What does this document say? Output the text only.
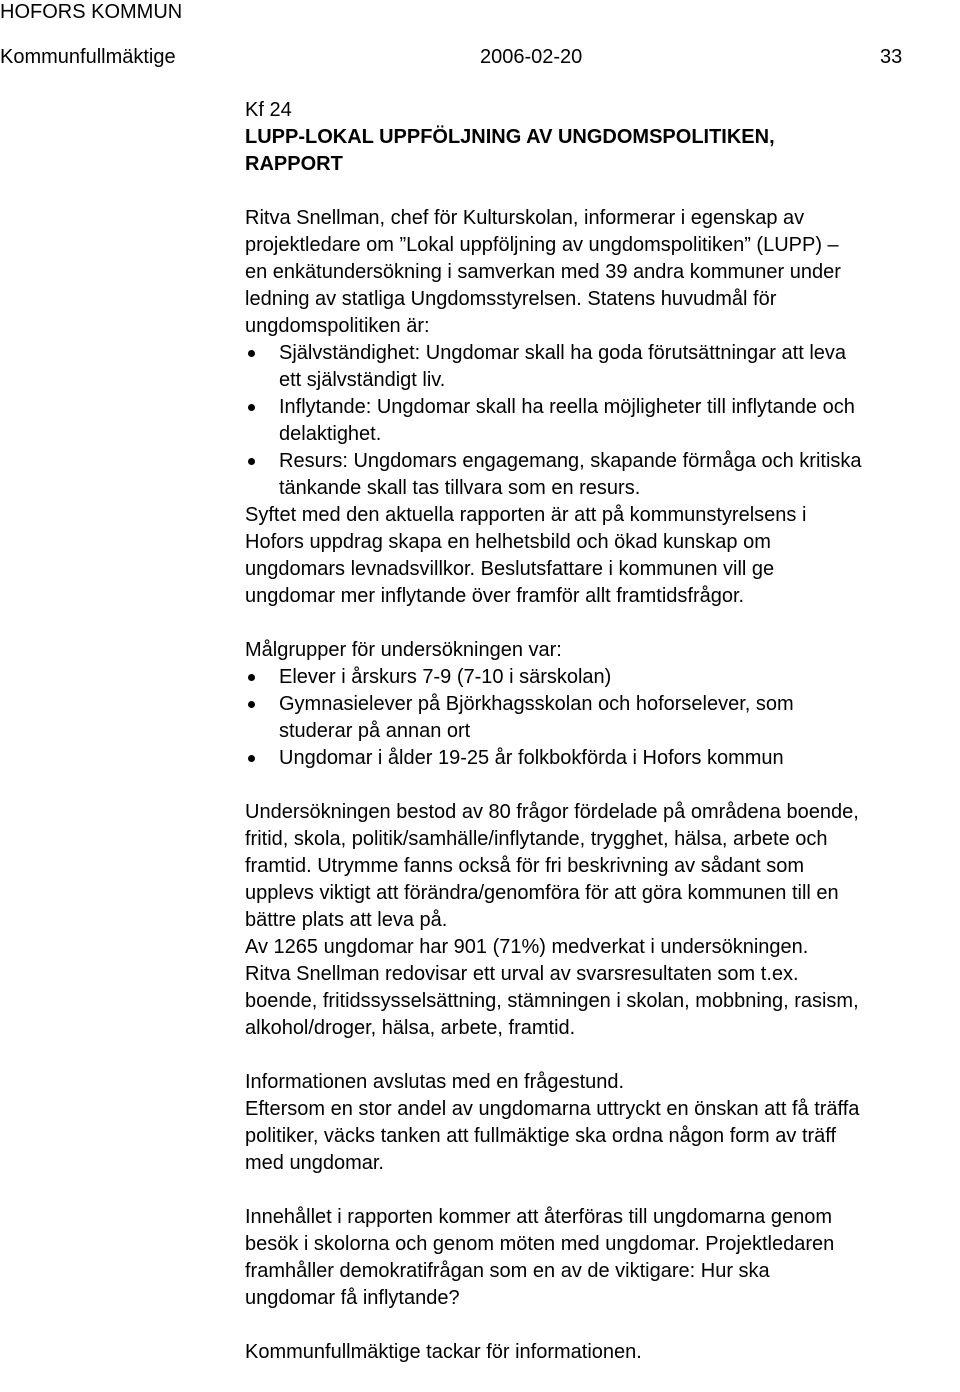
HOFORS KOMMUN
Kommunfullmäktige	2006-02-20	33

Kf 24

LUPP-LOKAL UPPFÖLJNING AV UNGDOMSPOLITIKEN,
RAPPORT

Ritva Snellman, chef för Kulturskolan, informerar i egenskap av

projektledare om ”Lokal uppföljning av ungdomspolitiken” (LUPP) –

en enkätundersökning i samverkan med 39 andra kommuner under

ledning av statliga Ungdomsstyrelsen. Statens huvudmål för

ungdomspolitiken är:

Självständighet: Ungdomar skall ha goda förutsättningar att leva

ett självständigt liv.

Inflytande: Ungdomar skall ha reella möjligheter till inflytande och

delaktighet.

Resurs: Ungdomars engagemang, skapande förmåga och kritiska

tänkande skall tas tillvara som en resurs.

Syftet med den aktuella rapporten är att på kommunstyrelsens i

Hofors uppdrag skapa en helhetsbild och ökad kunskap om

ungdomars levnadsvillkor. Beslutsfattare i kommunen vill ge

ungdomar mer inflytande över framför allt framtidsfrågor.

Målgrupper för undersökningen var:

Elever i årskurs 7-9 (7-10 i särskolan)

Gymnasielever på Björkhagsskolan och hoforselever, som

studerar på annan ort

Ungdomar i ålder 19-25 år folkbokförda i Hofors kommun

Undersökningen bestod av 80 frågor fördelade på områdena boende,

fritid, skola, politik/samhälle/inflytande, trygghet, hälsa, arbete och

framtid. Utrymme fanns också för fri beskrivning av sådant som

upplevs viktigt att förändra/genomföra för att göra kommunen till en

bättre plats att leva på.

Av 1265 ungdomar har 901 (71%) medverkat i undersökningen.

Ritva Snellman redovisar ett urval av svarsresultaten som t.ex.

boende, fritidssysselsättning, stämningen i skolan, mobbning, rasism,

alkohol/droger, hälsa, arbete, framtid.

Informationen avslutas med en frågestund.

Eftersom en stor andel av ungdomarna uttryckt en önskan att få träffa

politiker, väcks tanken att fullmäktige ska ordna någon form av träff

med ungdomar.

Innehållet i rapporten kommer att återföras till ungdomarna genom

besök i skolorna och genom möten med ungdomar. Projektledaren

framhåller demokratifrågan som en av de viktigare: Hur ska

ungdomar få inflytande?

Kommunfullmäktige tackar för informationen.
